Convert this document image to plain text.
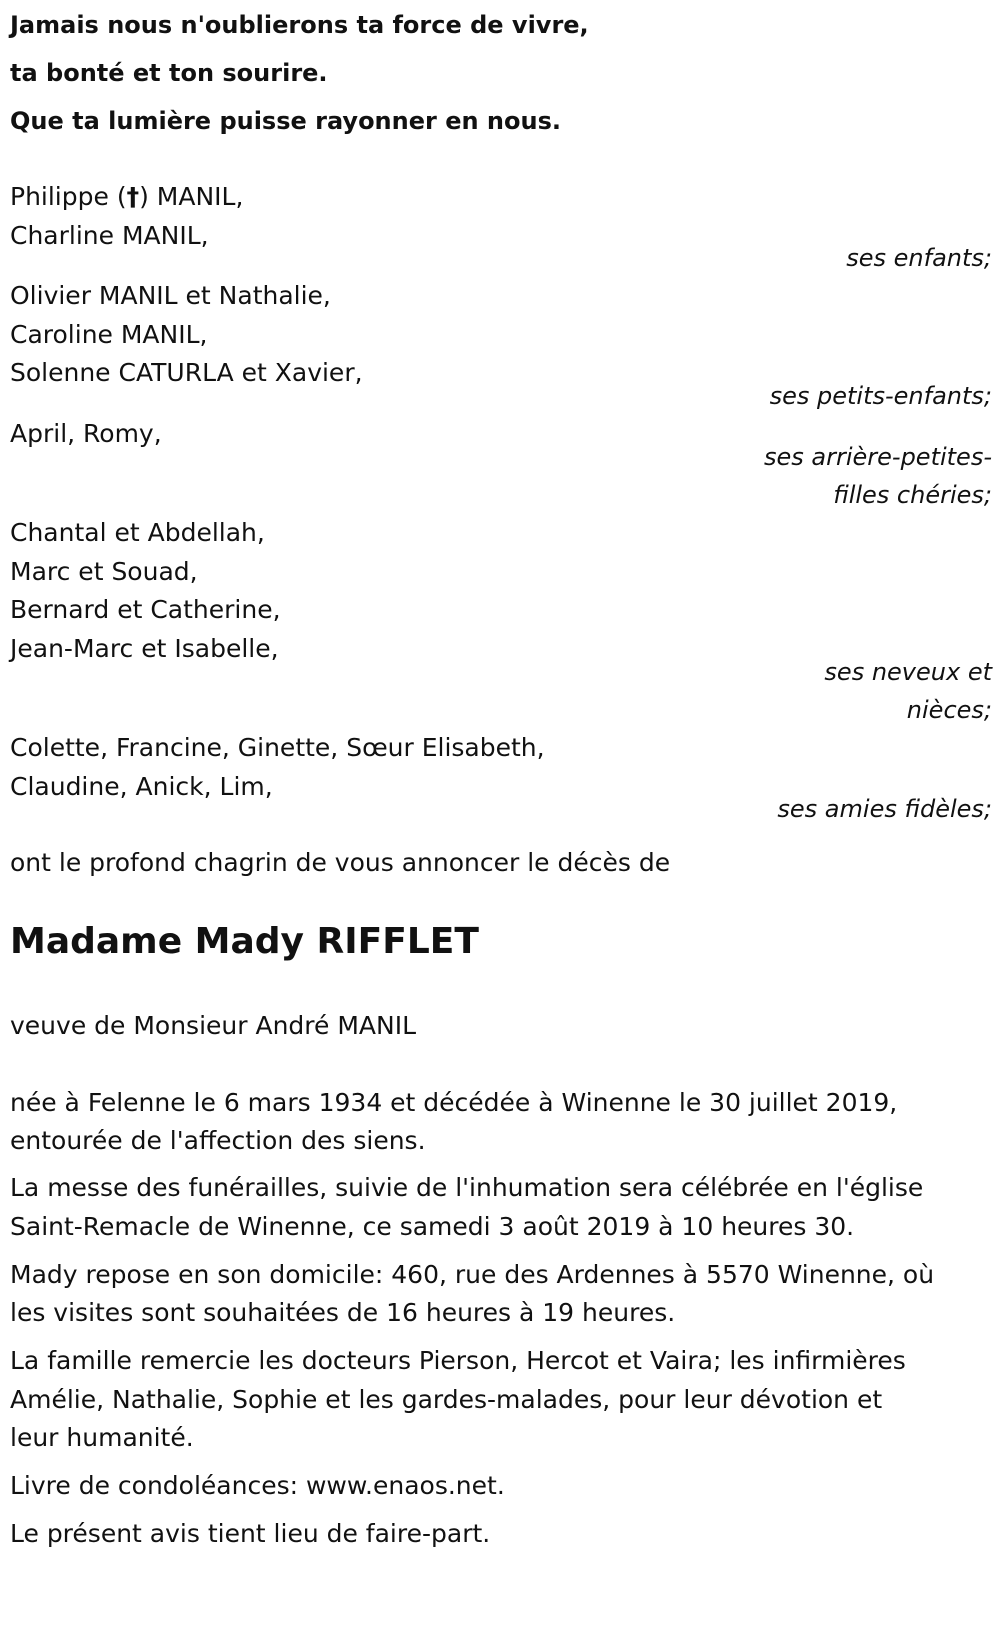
Jamais nous n'oublierons ta force de vivre,
ta bonté et ton sourire.
Que ta lumière puisse rayonner en nous.
Philippe (†) MANIL,
Charline MANIL,
ses enfants;
Olivier MANIL et Nathalie,
Caroline MANIL,
Solenne CATURLA et Xavier,
ses petits-enfants;
April, Romy,
ses arrière-petites-
filles chéries;
Chantal et Abdellah,
Marc et Souad,
Bernard et Catherine,
Jean-Marc et Isabelle,
ses neveux et
nièces;
Colette, Francine, Ginette, Sœur Elisabeth,
Claudine, Anick, Lim,
ses amies fidèles;
ont le profond chagrin de vous annoncer le décès de
Madame Mady RIFFLET
veuve de Monsieur André MANIL
née à Felenne le 6 mars 1934 et décédée à Winenne le 30 juillet 2019,
entourée de l'affection des siens.
La messe des funérailles, suivie de l'inhumation sera célébrée en l'église
Saint-Remacle de Winenne, ce samedi 3 août 2019 à 10 heures 30.
Mady repose en son domicile: 460, rue des Ardennes à 5570 Winenne, où
les visites sont souhaitées de 16 heures à 19 heures.
La famille remercie les docteurs Pierson, Hercot et Vaira; les infirmières
Amélie, Nathalie, Sophie et les gardes-malades, pour leur dévotion et
leur humanité.
Livre de condoléances: www.enaos.net.
Le présent avis tient lieu de faire-part.
